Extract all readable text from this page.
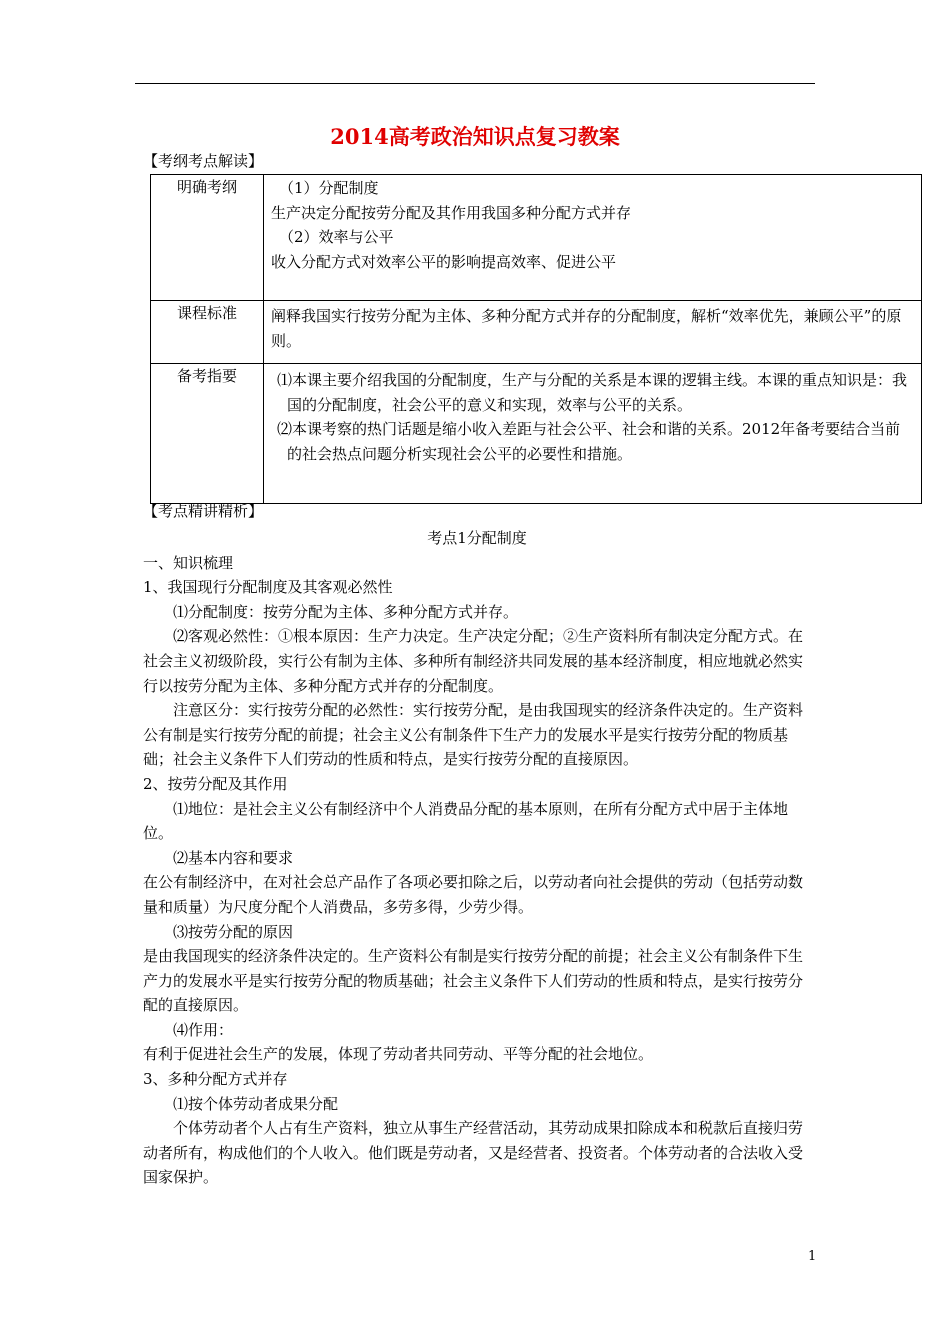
2014高考政治知识点复习教案
【考纲考点解读】
明确考纲	（1）分配制度
生产决定分配按劳分配及其作用我国多种分配方式并存
（2）效率与公平
收入分配方式对效率公平的影响提高效率、促进公平

课程标准	阐释我国实行按劳分配为主体、多种分配方式并存的分配制度，解析“效率优先，兼顾公平”的原则。
备考指要	⑴本课主要介绍我国的分配制度，生产与分配的关系是本课的逻辑主线。本课的重点知识是：我国的分配制度，社会公平的意义和实现，效率与公平的关系。
⑵本课考察的热门话题是缩小收入差距与社会公平、社会和谐的关系。2012年备考要结合当前的社会热点问题分析实现社会公平的必要性和措施。
【考点精讲精析】

考点1分配制度

一、知识梳理

1、我国现行分配制度及其客观必然性

⑴分配制度：按劳分配为主体、多种分配方式并存。

⑵客观必然性：①根本原因：生产力决定。生产决定分配；②生产资料所有制决定分配方式。在社会主义初级阶段，实行公有制为主体、多种所有制经济共同发展的基本经济制度，相应地就必然实行以按劳分配为主体、多种分配方式并存的分配制度。

注意区分：实行按劳分配的必然性：实行按劳分配，是由我国现实的经济条件决定的。生产资料公有制是实行按劳分配的前提；社会主义公有制条件下生产力的发展水平是实行按劳分配的物质基础；社会主义条件下人们劳动的性质和特点，是实行按劳分配的直接原因。

2、按劳分配及其作用

⑴地位：是社会主义公有制经济中个人消费品分配的基本原则，在所有分配方式中居于主体地位。

⑵基本内容和要求

在公有制经济中，在对社会总产品作了各项必要扣除之后，以劳动者向社会提供的劳动（包括劳动数量和质量）为尺度分配个人消费品，多劳多得，少劳少得。

⑶按劳分配的原因

是由我国现实的经济条件决定的。生产资料公有制是实行按劳分配的前提；社会主义公有制条件下生产力的发展水平是实行按劳分配的物质基础；社会主义条件下人们劳动的性质和特点，是实行按劳分配的直接原因。

⑷作用：

有利于促进社会生产的发展，体现了劳动者共同劳动、平等分配的社会地位。

3、多种分配方式并存

⑴按个体劳动者成果分配

个体劳动者个人占有生产资料，独立从事生产经营活动，其劳动成果扣除成本和税款后直接归劳动者所有，构成他们的个人收入。他们既是劳动者，又是经营者、投资者。个体劳动者的合法收入受国家保护。

1
